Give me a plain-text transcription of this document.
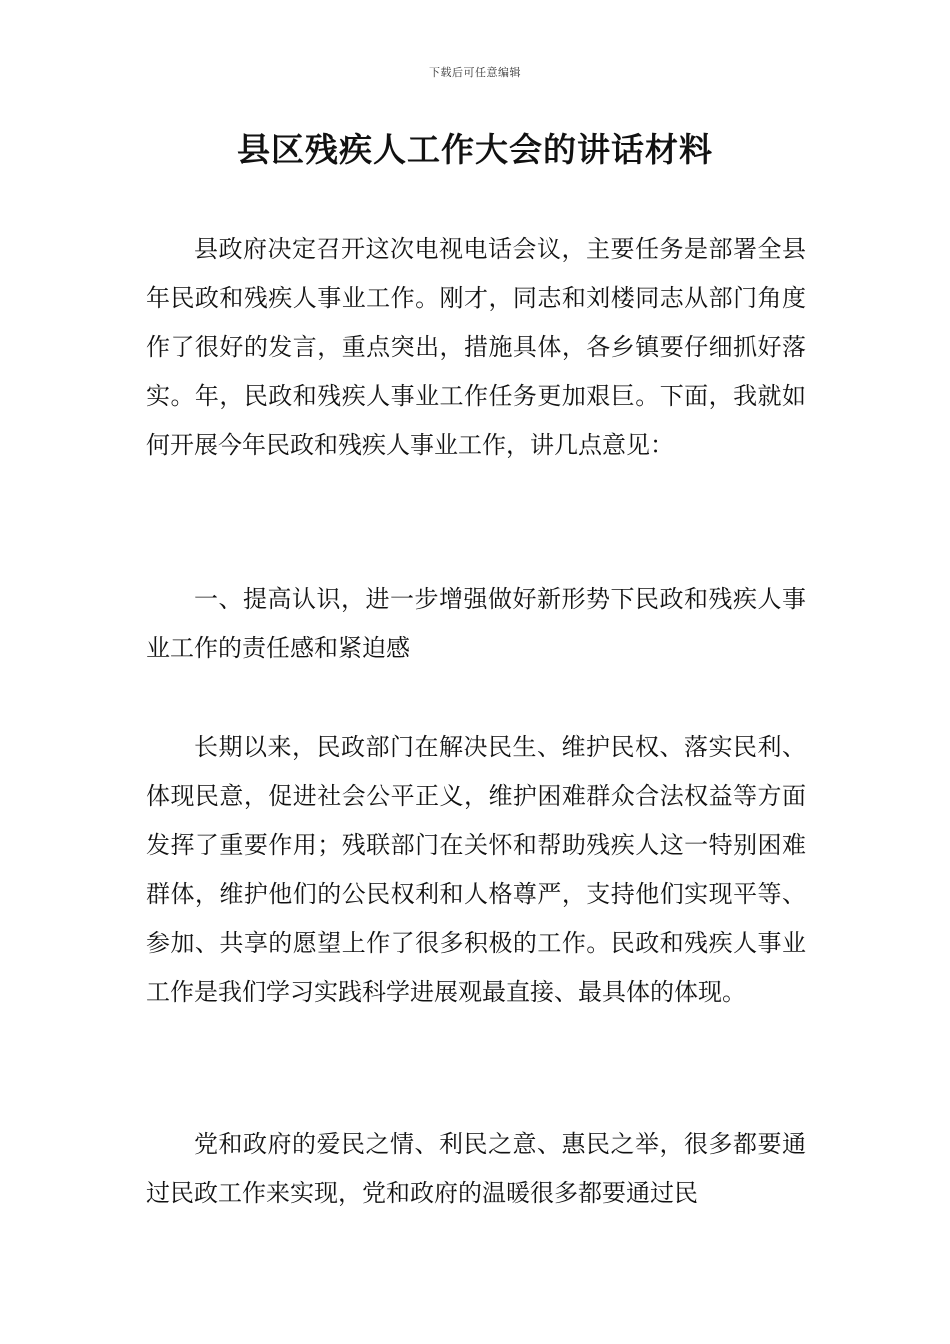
下载后可任意编辑
县区残疾人工作大会的讲话材料

县政府决定召开这次电视电话会议，主要任务是部署全县年民政和残疾人事业工作。刚才，同志和刘楼同志从部门角度作了很好的发言，重点突出，措施具体，各乡镇要仔细抓好落实。年，民政和残疾人事业工作任务更加艰巨。下面，我就如何开展今年民政和残疾人事业工作，讲几点意见：

一、提高认识，进一步增强做好新形势下民政和残疾人事业工作的责任感和紧迫感

长期以来，民政部门在解决民生、维护民权、落实民利、体现民意，促进社会公平正义，维护困难群众合法权益等方面发挥了重要作用；残联部门在关怀和帮助残疾人这一特别困难群体，维护他们的公民权利和人格尊严，支持他们实现平等、参加、共享的愿望上作了很多积极的工作。民政和残疾人事业工作是我们学习实践科学进展观最直接、最具体的体现。

党和政府的爱民之情、利民之意、惠民之举，很多都要通过民政工作来实现，党和政府的温暖很多都要通过民
